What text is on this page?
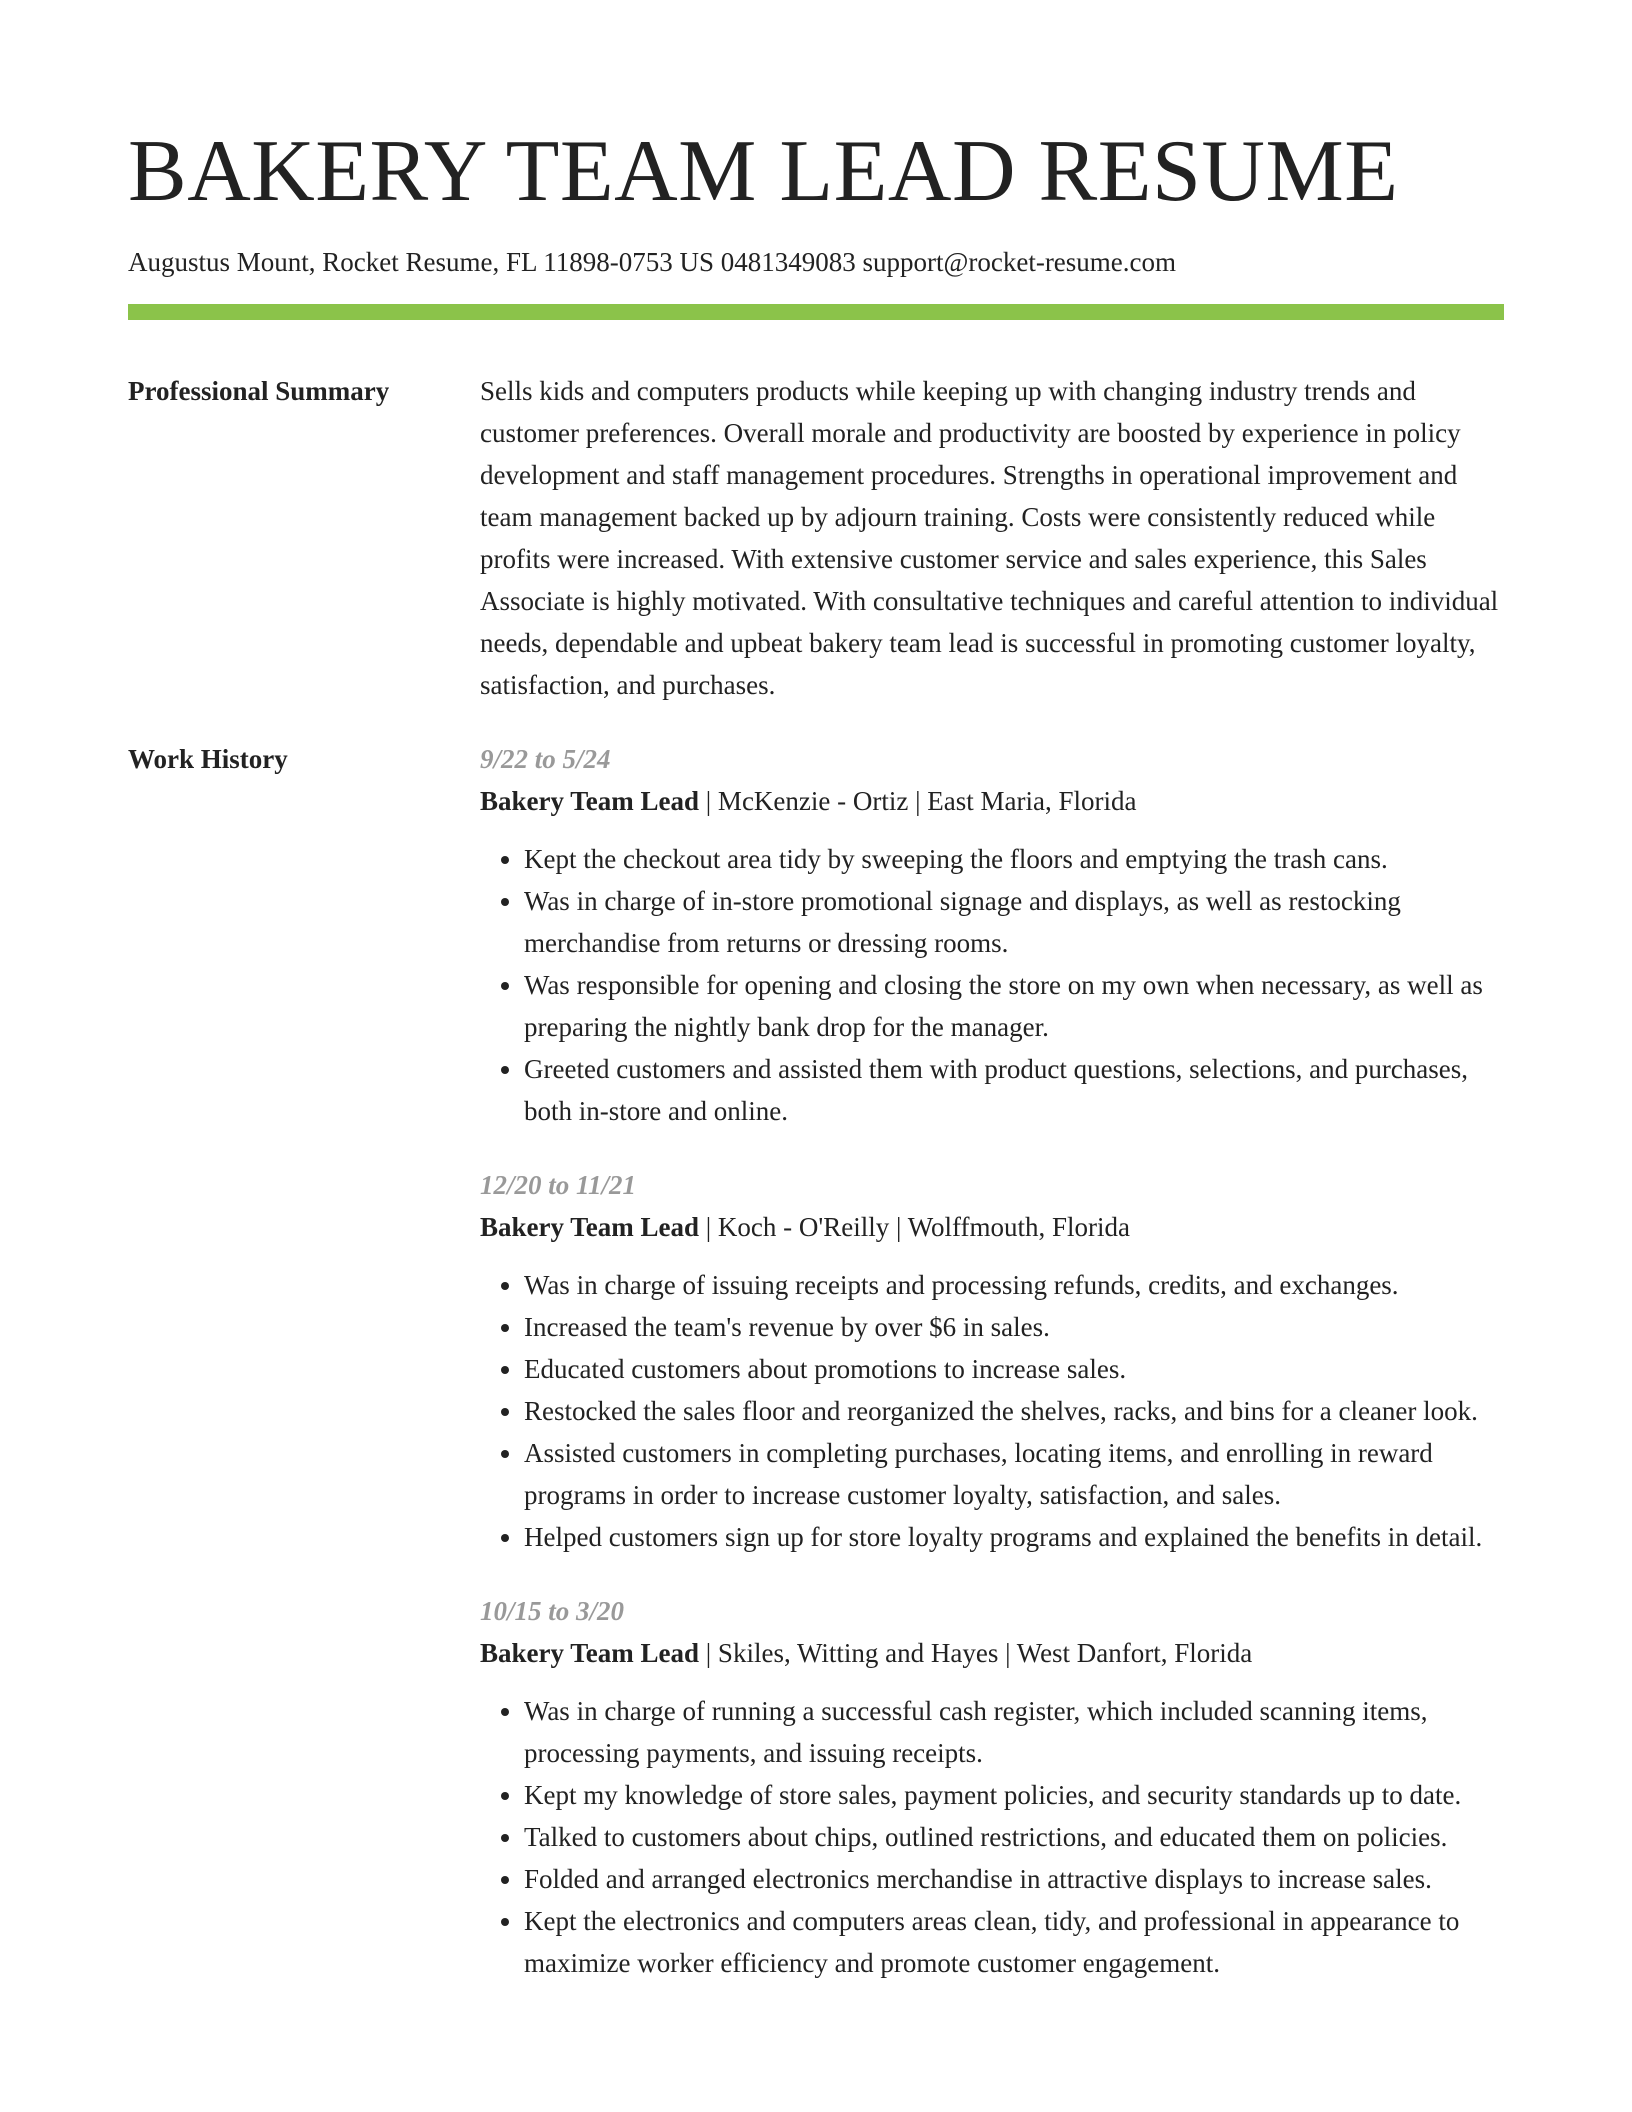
BAKERY TEAM LEAD RESUME
Augustus Mount, Rocket Resume, FL 11898-0753 US 0481349083 support@rocket-resume.com
Professional Summary	Sells kids and computers products while keeping up with changing industry trends and customer preferences. Overall morale and productivity are boosted by experience in policy development and staff management procedures. Strengths in operational improvement and team management backed up by adjourn training. Costs were consistently reduced while profits were increased. With extensive customer service and sales experience, this Sales Associate is highly motivated. With consultative techniques and careful attention to individual needs, dependable and upbeat bakery team lead is successful in promoting customer loyalty, satisfaction, and purchases.

Work History	9/22 to 5/24
Bakery Team Lead | McKenzie - Ortiz | East Maria, Florida
• Kept the checkout area tidy by sweeping the floors and emptying the trash cans.
• Was in charge of in-store promotional signage and displays, as well as restocking merchandise from returns or dressing rooms.
• Was responsible for opening and closing the store on my own when necessary, as well as preparing the nightly bank drop for the manager.
• Greeted customers and assisted them with product questions, selections, and purchases, both in-store and online.
12/20 to 11/21
Bakery Team Lead | Koch - O'Reilly | Wolffmouth, Florida
• Was in charge of issuing receipts and processing refunds, credits, and exchanges.
• Increased the team's revenue by over $6 in sales.
• Educated customers about promotions to increase sales.
• Restocked the sales floor and reorganized the shelves, racks, and bins for a cleaner look.
• Assisted customers in completing purchases, locating items, and enrolling in reward programs in order to increase customer loyalty, satisfaction, and sales.
• Helped customers sign up for store loyalty programs and explained the benefits in detail.
10/15 to 3/20
Bakery Team Lead | Skiles, Witting and Hayes | West Danfort, Florida
• Was in charge of running a successful cash register, which included scanning items, processing payments, and issuing receipts.
• Kept my knowledge of store sales, payment policies, and security standards up to date.
• Talked to customers about chips, outlined restrictions, and educated them on policies.
• Folded and arranged electronics merchandise in attractive displays to increase sales.
• Kept the electronics and computers areas clean, tidy, and professional in appearance to maximize worker efficiency and promote customer engagement.
